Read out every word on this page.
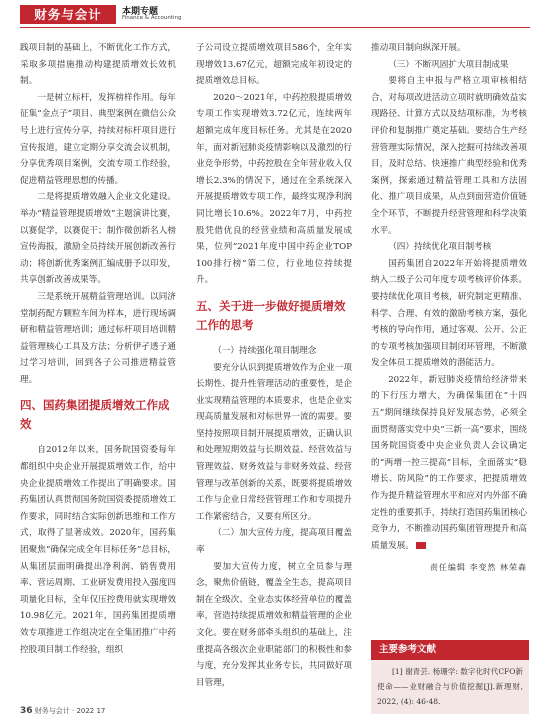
财务与会计	本期专题
Finance & Accounting

践项目制的基础上，不断优化工作方式，采取多项措施推动构建提质增效长效机制。

一是树立标杆，发挥榜样作用。每年征集“金点子”项目、典型案例在微信公众号上进行宣传分享，持续对标杆项目进行宣传报道，建立定期分享交流会议机制，分享优秀项目案例，交流专项工作经验，促进精益管理思想的传播。

二是将提质增效融入企业文化建设。举办“精益管理提质增效”主题演讲比赛，以赛促学，以赛促干；制作微创新名人榜宣传海报，激励全员持续开展创新改善行动；将创新优秀案例汇编成册予以印发，共享创新改善成果等。

三是系统开展精益管理培训。以同济堂制药配方颗粒车间为样本，进行现场调研和精益管理培训；通过标杆项目培训精益管理核心工具及方法；分析伊孑透子通过学习培训，回到各子公司推进精益管理。

四、国药集团提质增效工作成效

自2012年以来，国务院国资委每年都组织中央企业开展提质增效工作，给中央企业提质增效工作提出了明确要求。国药集团认真贯彻国务院国资委提质增效工作要求，同时结合实际创新思维和工作方式，取得了显著成效。2020年，国药集团聚焦“确保完成全年目标任务”总目标，从集团层面明确提出净利润、销售费用率、营运周期、工业研发费用投入强度四项量化目标，全年仅压控费用就实现增效10.98亿元。2021年，国药集团提质增效专项推进工作组决定在全集团推广中药控股项目制工作经验，组织

子公司设立提质增效项目586个，全年实现增效13.67亿元，超额完成年初设定的提质增效总目标。

2020～2021年，中药控股提质增效专项工作实现增效3.72亿元，连续两年超额完成年度目标任务。尤其是在2020年，面对新冠肺炎疫情影响以及激烈的行业竞争形势，中药控股在全年营业收入仅增长2.3%的情况下，通过在全系统深入开展提质增效专项工作，最终实现净利润同比增长10.6%。2022年7月，中药控股凭借优良的经营业绩和高质量发展成果，位列“2021年度中国中药企业TOP 100排行榜”第二位，行业地位持续提升。

五、关于进一步做好提质增效工作的思考

（一）持续强化项目制理念

要充分认识到提质增效作为企业一项长期性、提升性管理活动的重要性，是企业实现精益管理的本质要求，也是企业实现高质量发展和对标世界一流的需要。要坚持按照项目制开展提质增效，正确认识和处理短期效益与长期效益、经营效益与管理效益、财务效益与非财务效益、经营管理与改革创新的关系，既要将提质增效工作与企业日常经营管理工作和专项提升工作紧密结合，又要有所区分。

（二）加大宣传力度，提高项目覆盖率

要加大宣传力度，树立全员参与理念，聚焦价值链，覆盖全生态，提高项目制在全级次、全业态实体经营单位的覆盖率，营造持续提质增效和精益管理的企业文化。要在财务部牵头组织的基础上，注重提高各级次企业职能部门的积极性和参与度，充分发挥其业务专长，共同做好项目管理，

推动项目制向纵深开展。

（三）不断巩固扩大项目制成果

要将自主申报与严格立项审核相结合，对每项改进活动立项时就明确效益实现路径、计算方式以及结项标准，为考核评价和复制推广奠定基础。要结合生产经营管理实际情况，深入挖掘可持续改善项目，及时总结、快速推广典型经验和优秀案例，探索通过精益管理工具和方法固化、推广项目成果，从点到面营造价值链全个环节，不断提升经营管理和科学决策水平。

（四）持续优化项目制考核

国药集团自2022年开始将提质增效纳入二级子公司年度专项考核评价体系。要持续优化项目考核，研究制定更精准、科学、合理、有效的激励考核方案，强化考核的导向作用，通过客观、公开、公正的专项考核加强项目制闭环管理，不断激发全体员工提质增效的潜能活力。

2022年，新冠肺炎疫情给经济带来的下行压力增大，为确保集团在“十四五”期间继续保持良好发展态势，必须全面贯彻落实党中央“三新一高”要求，围绕国务院国资委中央企业负责人会议确定的“两增一控三提高”目标，全面落实“稳增长、防风险”的工作要求，把提质增效作为提升精益管理水平和应对内外部不确定性的重要抓手，持续打造国药集团核心竞争力，不断推动国药集团管理提升和高质量发展。

责任编辑 李变然 林荣森

主要参考文献
[1] 谢青芸. 杨珊学: 数字化时代CFO新使命——业财融合与价值挖掘[J].新理财, 2022, (4): 46-48.
36 财务与会计 · 2022 17
